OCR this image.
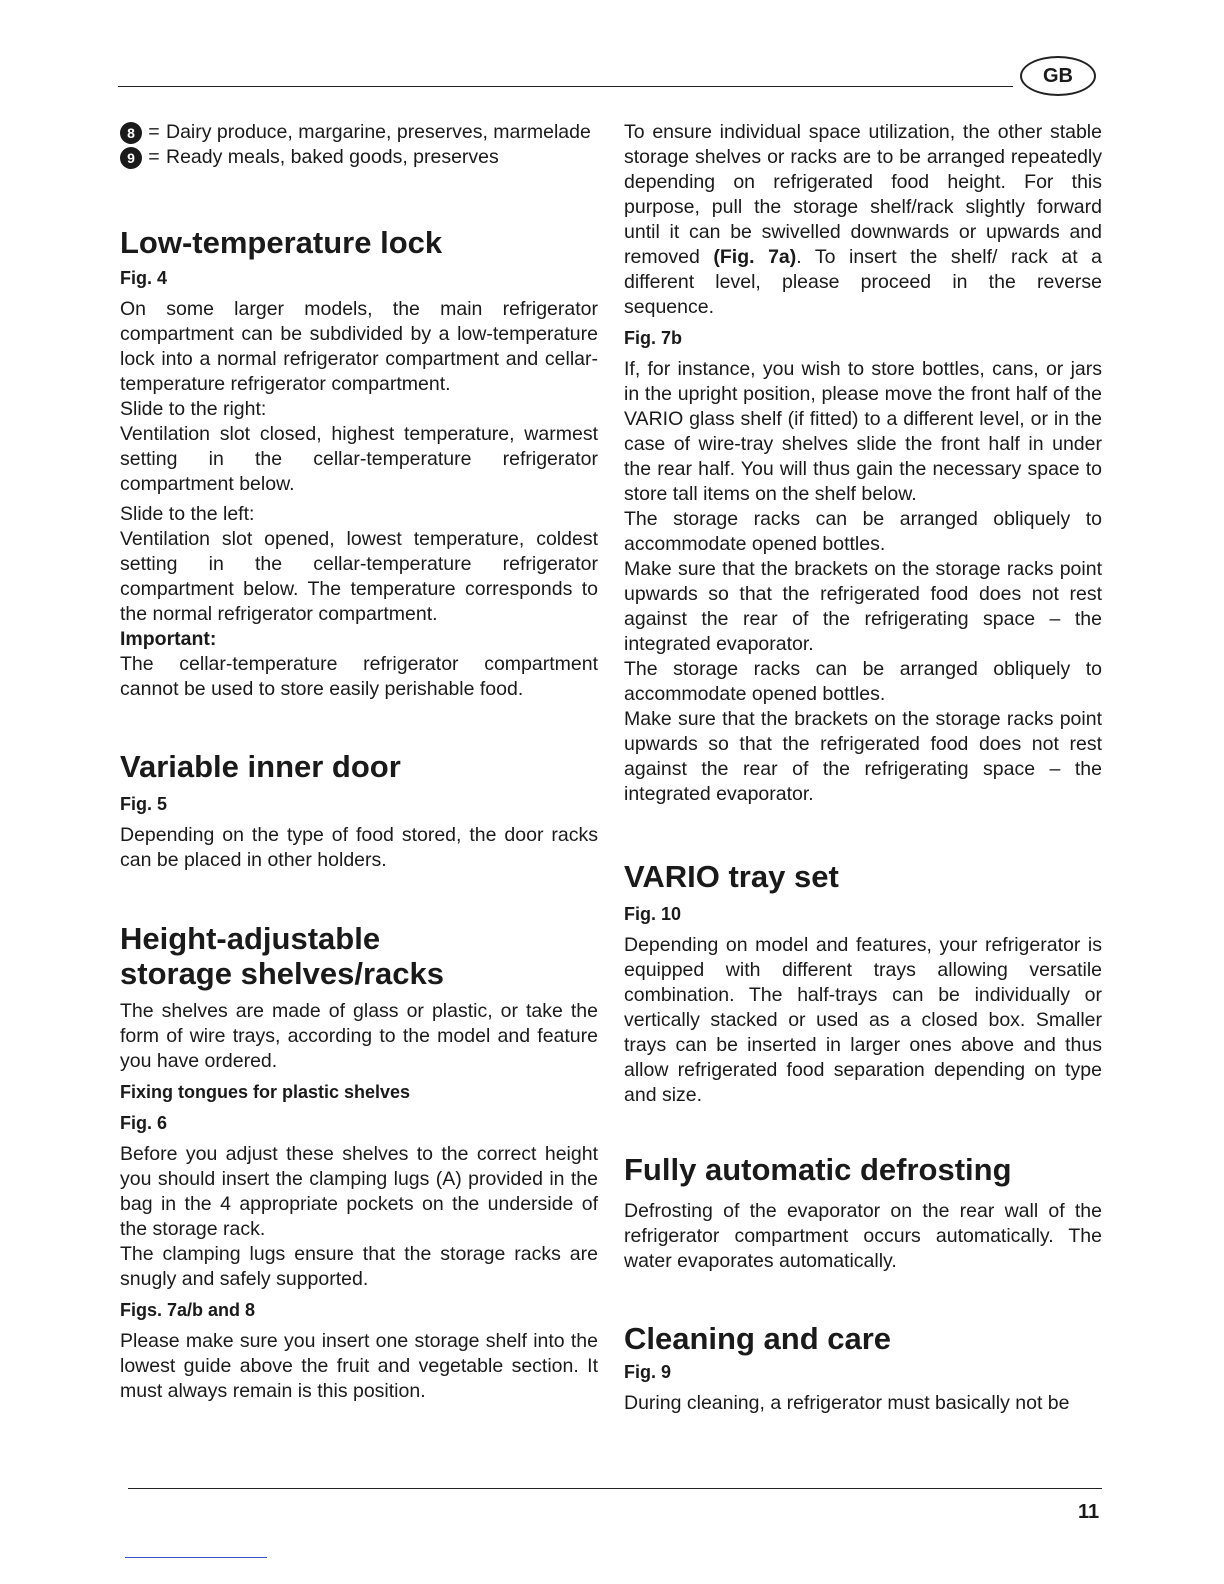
GB
8 = Dairy produce, margarine, preserves, marmelade
9 = Ready meals, baked goods, preserves
Low-temperature lock
Fig. 4

On some larger models, the main refrigerator compartment can be subdivided by a low-temperature lock into a normal refrigerator compartment and cellar-temperature refrigerator compartment.

Slide to the right:

Ventilation slot closed, highest temperature, warmest setting in the cellar-temperature refrigerator compartment below.

Slide to the left:

Ventilation slot opened, lowest temperature, coldest setting in the cellar-temperature refrigerator compartment below. The temperature corresponds to the normal refrigerator compartment.

Important:

The cellar-temperature refrigerator compartment cannot be used to store easily perishable food.

Variable inner door
Fig. 5

Depending on the type of food stored, the door racks can be placed in other holders.

Height-adjustable
storage shelves/racks

The shelves are made of glass or plastic, or take the form of wire trays, according to the model and feature you have ordered.

Fixing tongues for plastic shelves
Fig. 6

Before you adjust these shelves to the correct height you should insert the clamping lugs (A) provided in the bag in the 4 appropriate pockets on the underside of the storage rack.

The clamping lugs ensure that the storage racks are snugly and safely supported.

Figs. 7a/b and 8

Please make sure you insert one storage shelf into the lowest guide above the fruit and vegetable section. It must always remain is this position.

To ensure individual space utilization, the other stable storage shelves or racks are to be arranged repeatedly depending on refrigerated food height. For this purpose, pull the storage shelf/rack slightly forward until it can be swivelled downwards or upwards and removed (Fig. 7a). To insert the shelf/ rack at a different level, please proceed in the reverse sequence.

Fig. 7b

If, for instance, you wish to store bottles, cans, or jars in the upright position, please move the front half of the VARIO glass shelf (if fitted) to a different level, or in the case of wire-tray shelves slide the front half in under the rear half. You will thus gain the necessary space to store tall items on the shelf below.

The storage racks can be arranged obliquely to accommodate opened bottles.

Make sure that the brackets on the storage racks point upwards so that the refrigerated food does not rest against the rear of the refrigerating space – the integrated evaporator.

The storage racks can be arranged obliquely to accommodate opened bottles.

Make sure that the brackets on the storage racks point upwards so that the refrigerated food does not rest against the rear of the refrigerating space – the integrated evaporator.

VARIO tray set
Fig. 10

Depending on model and features, your refrigerator is equipped with different trays allowing versatile combination. The half-trays can be individually or vertically stacked or used as a closed box. Smaller trays can be inserted in larger ones above and thus allow refrigerated food separation depending on type and size.

Fully automatic defrosting

Defrosting of the evaporator on the rear wall of the refrigerator compartment occurs automatically. The water evaporates automatically.

Cleaning and care
Fig. 9

During cleaning, a refrigerator must basically not be

11
